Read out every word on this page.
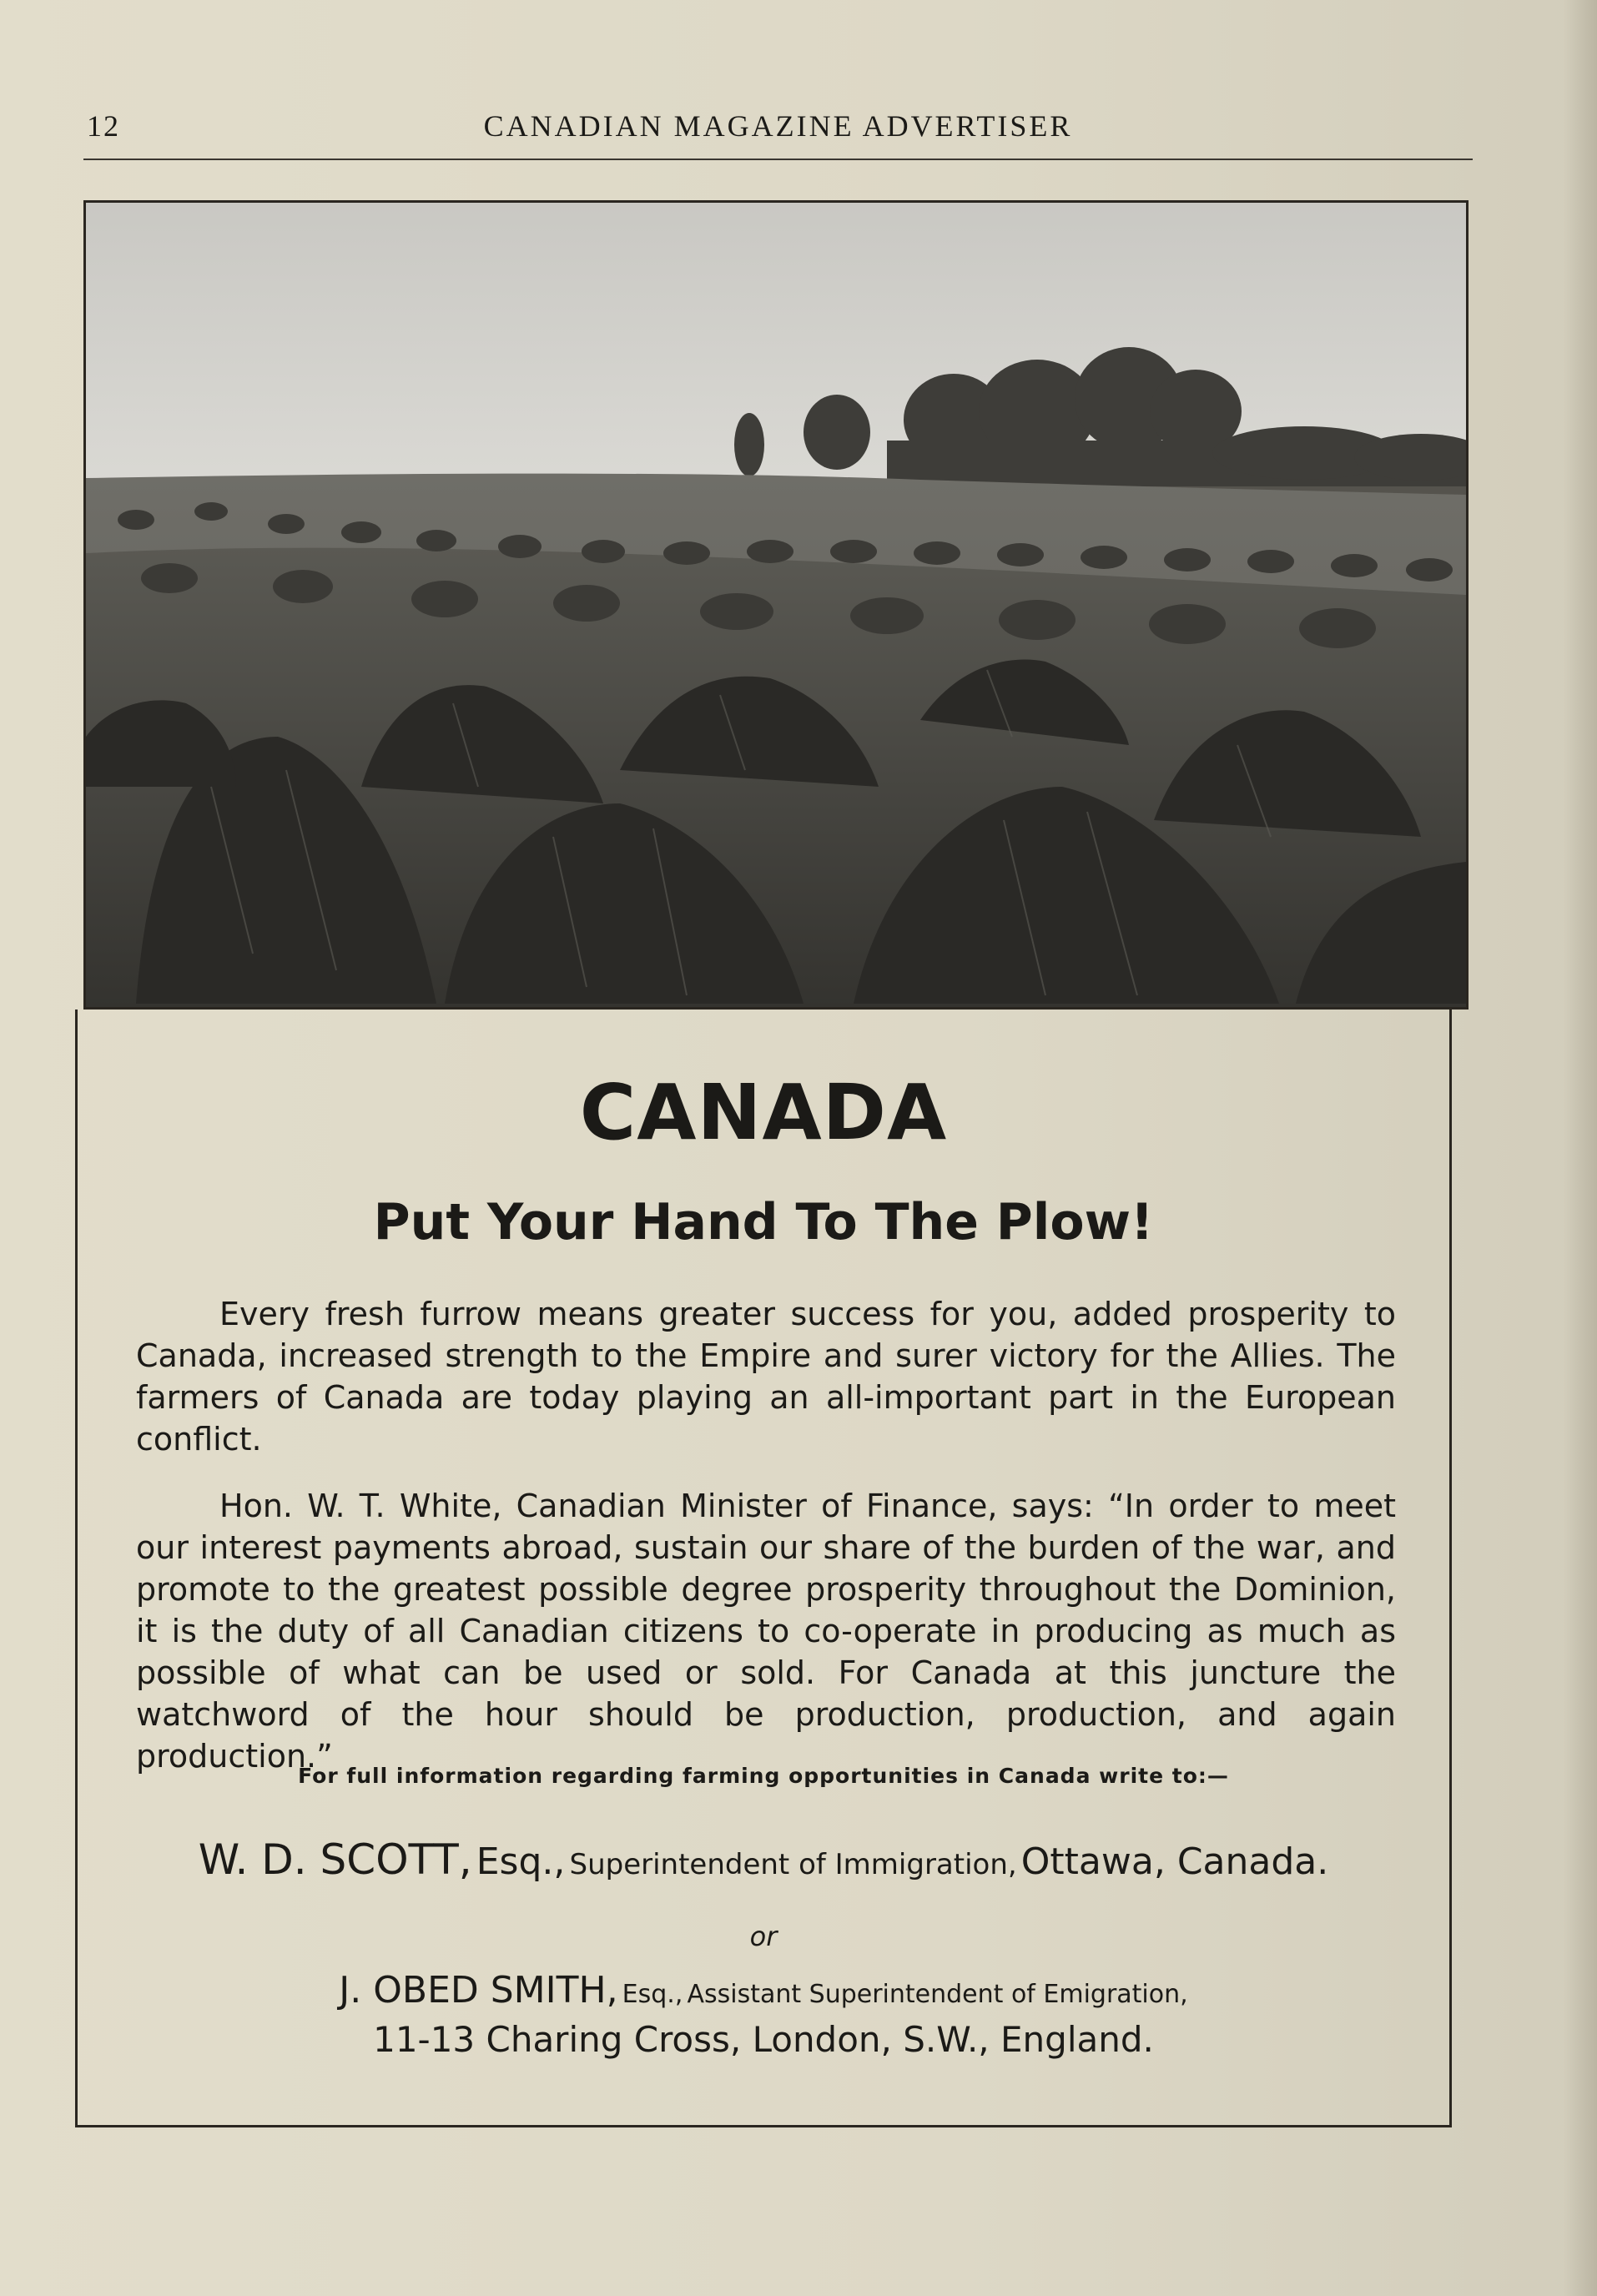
12	CANADIAN MAGAZINE ADVERTISER
CANADA
Put Your Hand To The Plow!
Every fresh furrow means greater success for you, added prosperity to Canada, increased strength to the Empire and surer victory for the Allies. The farmers of Canada are today playing an all-important part in the European conflict.
Hon. W. T. White, Canadian Minister of Finance, says: “In order to meet our interest payments abroad, sustain our share of the burden of the war, and promote to the greatest possible degree prosperity throughout the Dominion, it is the duty of all Canadian citizens to co-operate in producing as much as possible of what can be used or sold. For Canada at this juncture the watchword of the hour should be production, production, and again production.”
For full information regarding farming opportunities in Canada write to:—
W. D. SCOTT, Esq., Superintendent of Immigration, Ottawa, Canada.
or
J. OBED SMITH, Esq., Assistant Superintendent of Emigration,
11-13 Charing Cross, London, S.W., England.
